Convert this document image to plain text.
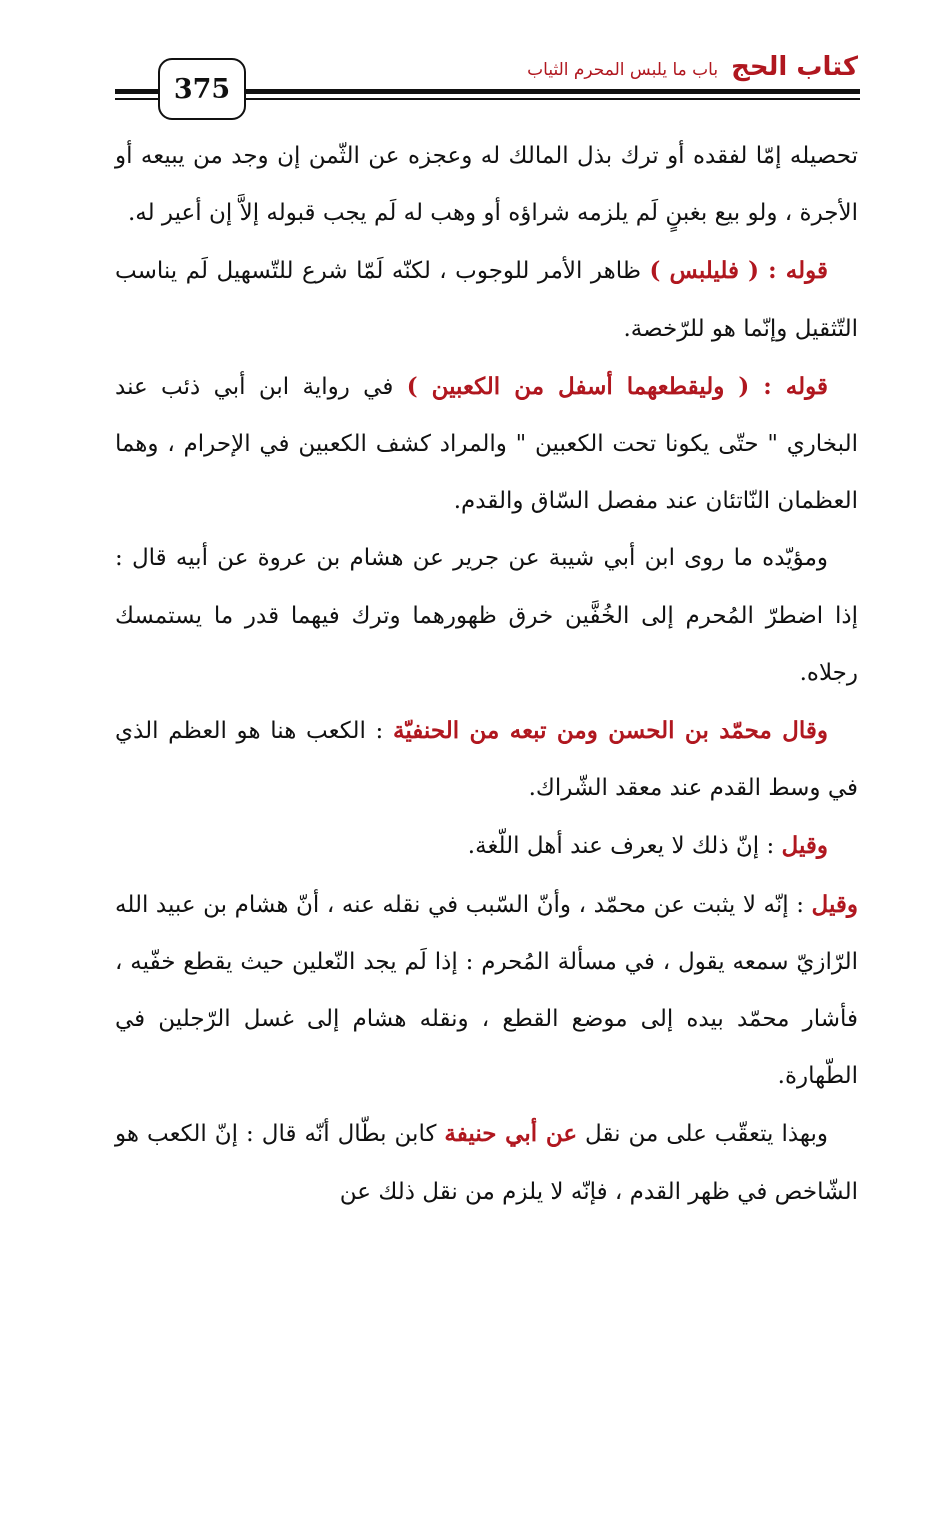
كتاب الحج باب ما يلبس المحرم الثياب
375

تحصيله إمّا لفقده أو ترك بذل المالك له وعجزه عن الثّمن إن وجد من يبيعه أو الأجرة ، ولو بيع بغبنٍ لَم يلزمه شراؤه أو وهب له لَم يجب قبوله إلاَّ إن أعير له.

قوله : ( فليلبس ) ظاهر الأمر للوجوب ، لكنّه لَمّا شرع للتّسهيل لَم يناسب التّثقيل وإنّما هو للرّخصة.

قوله : ( وليقطعهما أسفل من الكعبين ) في رواية ابن أبي ذئب عند البخاري " حتّى يكونا تحت الكعبين " والمراد كشف الكعبين في الإحرام ، وهما العظمان النّاتئان عند مفصل السّاق والقدم.

ومؤيّده ما روى ابن أبي شيبة عن جرير عن هشام بن عروة عن أبيه قال : إذا اضطرّ المُحرم إلى الخُفَّين خرق ظهورهما وترك فيهما قدر ما يستمسك رجلاه.

وقال محمّد بن الحسن ومن تبعه من الحنفيّة : الكعب هنا هو العظم الذي في وسط القدم عند معقد الشّراك.

وقيل : إنّ ذلك لا يعرف عند أهل اللّغة.

وقيل : إنّه لا يثبت عن محمّد ، وأنّ السّبب في نقله عنه ، أنّ هشام بن عبيد الله الرّازيّ سمعه يقول ، في مسألة المُحرم : إذا لَم يجد النّعلين حيث يقطع خفّيه ، فأشار محمّد بيده إلى موضع القطع ، ونقله هشام إلى غسل الرّجلين في الطّهارة.

وبهذا يتعقّب على من نقل عن أبي حنيفة كابن بطّال أنّه قال : إنّ الكعب هو الشّاخص في ظهر القدم ، فإنّه لا يلزم من نقل ذلك عن
